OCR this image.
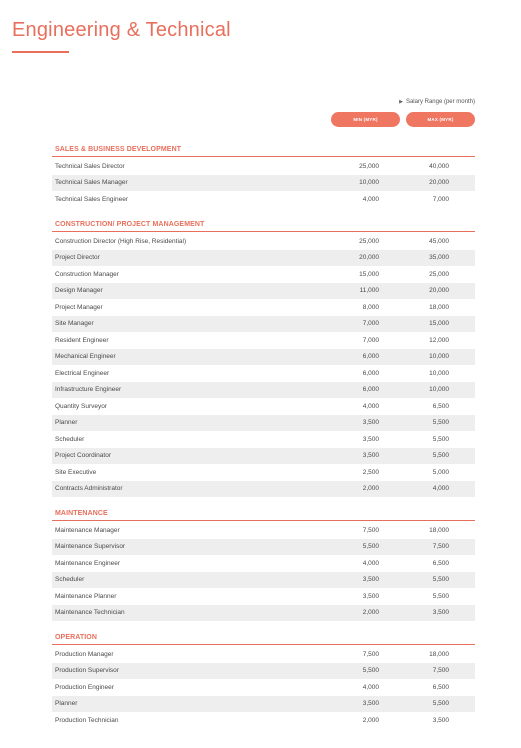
Engineering & Technical
▶ Salary Range (per month)
MIN (MYR)	MAX (MYR)
SALES & BUSINESS DEVELOPMENT
Technical Sales Director	25,000	40,000
Technical Sales Manager	10,000	20,000
Technical Sales Engineer	4,000	7,000
CONSTRUCTION/ PROJECT MANAGEMENT
Construction Director (High Rise, Residential)	25,000	45,000
Project Director	20,000	35,000
Construction Manager	15,000	25,000
Design Manager	11,000	20,000
Project Manager	8,000	18,000
Site Manager	7,000	15,000
Resident Engineer	7,000	12,000
Mechanical Engineer	6,000	10,000
Electrical Engineer	6,000	10,000
Infrastructure Engineer	6,000	10,000
Quantity Surveyor	4,000	6,500
Planner	3,500	5,500
Scheduler	3,500	5,500
Project Coordinator	3,500	5,500
Site Executive	2,500	5,000
Contracts Administrator	2,000	4,000
MAINTENANCE
Maintenance Manager	7,500	18,000
Maintenance Supervisor	5,500	7,500
Maintenance Engineer	4,000	6,500
Scheduler	3,500	5,500
Maintenance Planner	3,500	5,500
Maintenance Technician	2,000	3,500
OPERATION
Production Manager	7,500	18,000
Production Supervisor	5,500	7,500
Production Engineer	4,000	6,500
Planner	3,500	5,500
Production Technician	2,000	3,500
